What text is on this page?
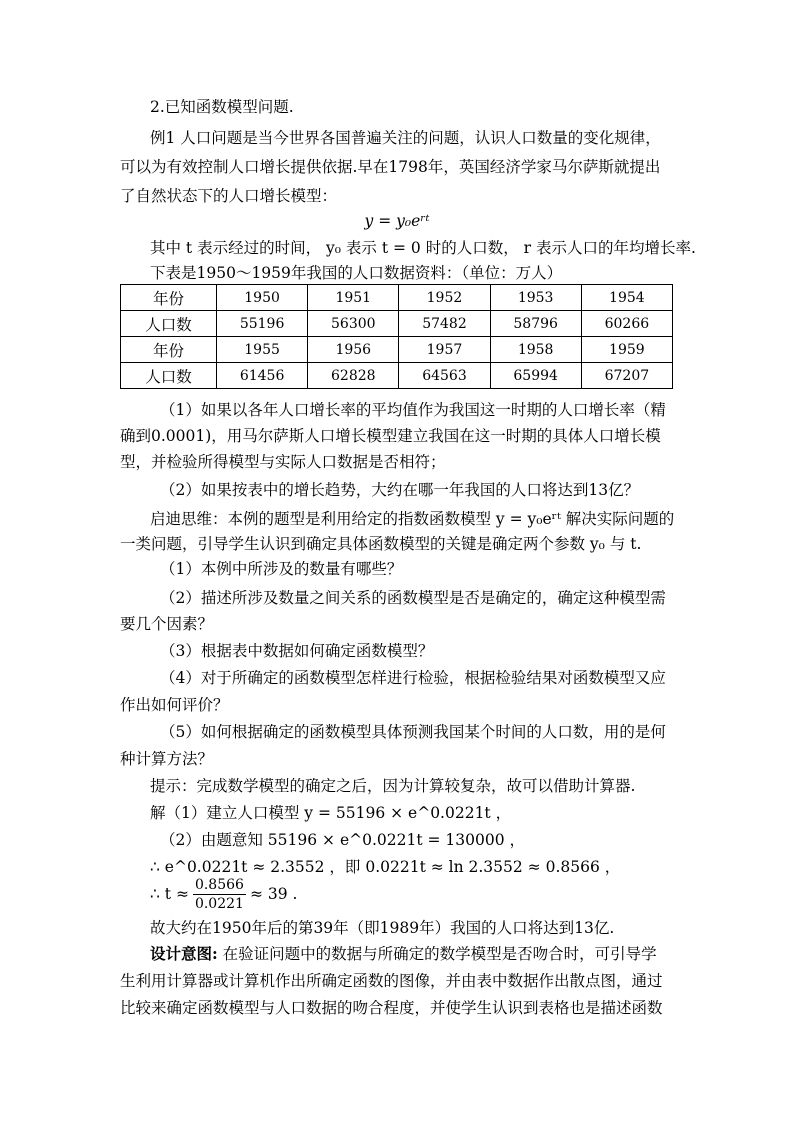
2.已知函数模型问题.
例1 人口问题是当今世界各国普遍关注的问题，认识人口数量的变化规律，
可以为有效控制人口增长提供依据.早在1798年，英国经济学家马尔萨斯就提出
了自然状态下的人口增长模型：
y = y₀eʳᵗ
其中 t 表示经过的时间， y₀ 表示 t = 0 时的人口数， r 表示人口的年均增长率.
下表是1950～1959年我国的人口数据资料：（单位：万人）
年份	1950	1951	1952	1953	1954
人口数	55196	56300	57482	58796	60266
年份	1955	1956	1957	1958	1959
人口数	61456	62828	64563	65994	67207
（1）如果以各年人口增长率的平均值作为我国这一时期的人口增长率（精
确到0.0001)，用马尔萨斯人口增长模型建立我国在这一时期的具体人口增长模
型，并检验所得模型与实际人口数据是否相符；
（2）如果按表中的增长趋势，大约在哪一年我国的人口将达到13亿？
启迪思维：本例的题型是利用给定的指数函数模型 y = y₀eʳᵗ 解决实际问题的
一类问题，引导学生认识到确定具体函数模型的关键是确定两个参数 y₀ 与 t.
（1）本例中所涉及的数量有哪些？
（2）描述所涉及数量之间关系的函数模型是否是确定的，确定这种模型需
要几个因素？
（3）根据表中数据如何确定函数模型？
（4）对于所确定的函数模型怎样进行检验，根据检验结果对函数模型又应
作出如何评价？
（5）如何根据确定的函数模型具体预测我国某个时间的人口数，用的是何
种计算方法？
提示：完成数学模型的确定之后，因为计算较复杂，故可以借助计算器.
解（1）建立人口模型 y = 55196 × e^0.0221t ，
（2）由题意知 55196 × e^0.0221t = 130000 ，
∴ e^0.0221t ≈ 2.3552 ，即 0.0221t ≈ ln 2.3552 ≈ 0.8566 ，
∴ $t \approx \frac{0.8566}{0.0221} \approx 39$ .
故大约在1950年后的第39年（即1989年）我国的人口将达到13亿.
设计意图: 在验证问题中的数据与所确定的数学模型是否吻合时，可引导学
生利用计算器或计算机作出所确定函数的图像，并由表中数据作出散点图，通过
比较来确定函数模型与人口数据的吻合程度，并使学生认识到表格也是描述函数
